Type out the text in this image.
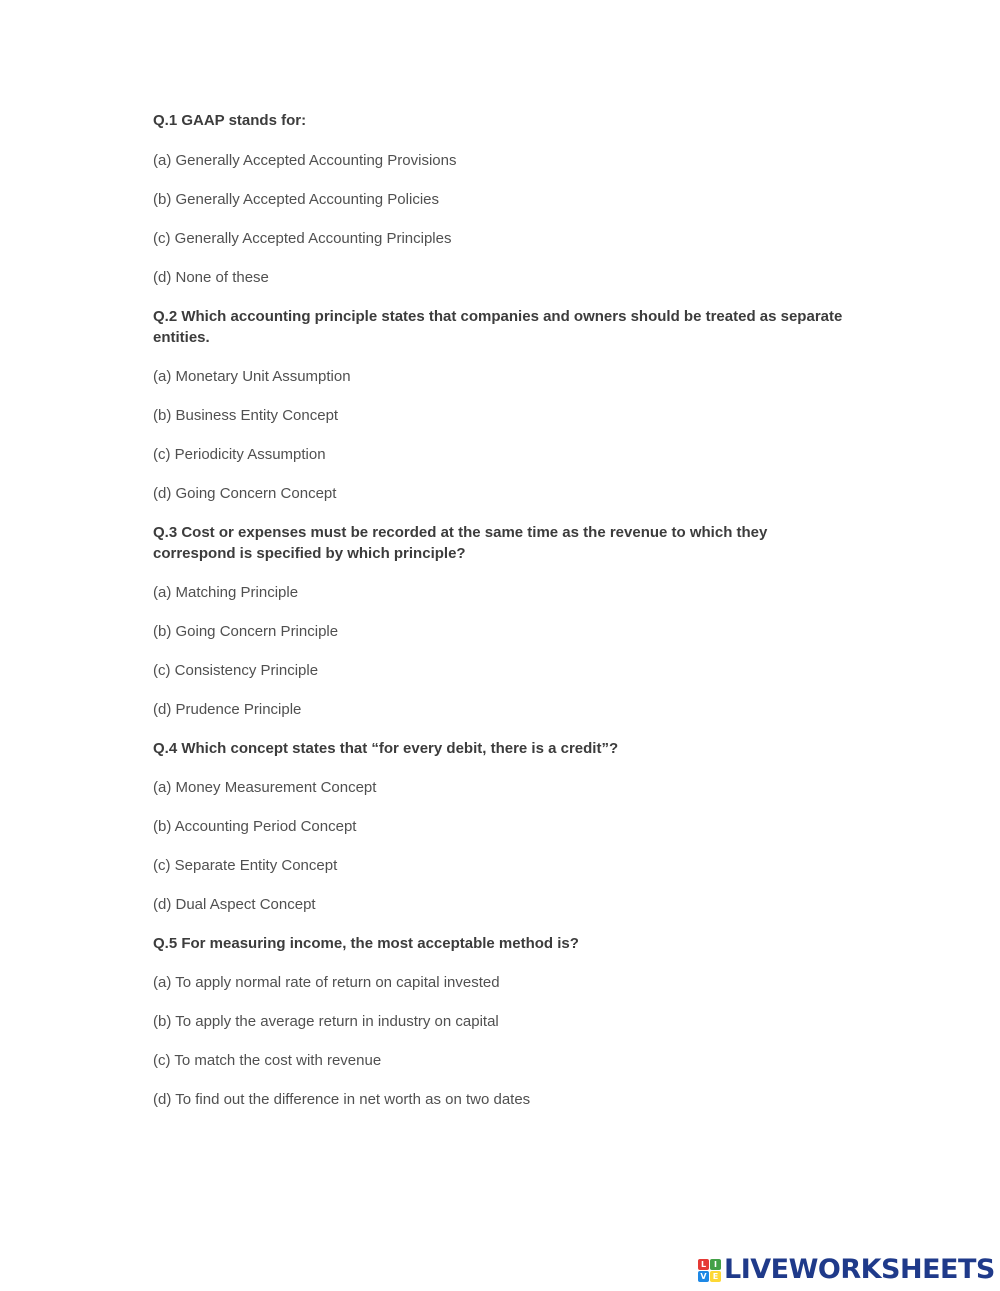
Q.1 GAAP stands for:

(a) Generally Accepted Accounting Provisions

(b) Generally Accepted Accounting Policies

(c) Generally Accepted Accounting Principles

(d) None of these

Q.2 Which accounting principle states that companies and owners should be treated as separate entities.

(a) Monetary Unit Assumption

(b) Business Entity Concept

(c) Periodicity Assumption

(d) Going Concern Concept

Q.3 Cost or expenses must be recorded at the same time as the revenue to which they correspond is specified by which principle?

(a) Matching Principle

(b) Going Concern Principle

(c) Consistency Principle

(d) Prudence Principle

Q.4 Which concept states that “for every debit, there is a credit”?

(a) Money Measurement Concept

(b) Accounting Period Concept

(c) Separate Entity Concept

(d) Dual Aspect Concept

Q.5 For measuring income, the most acceptable method is?

(a) To apply normal rate of return on capital invested

(b) To apply the average return in industry on capital

(c) To match the cost with revenue

(d) To find out the difference in net worth as on two dates

L I
V E LIVEWORKSHEETS
